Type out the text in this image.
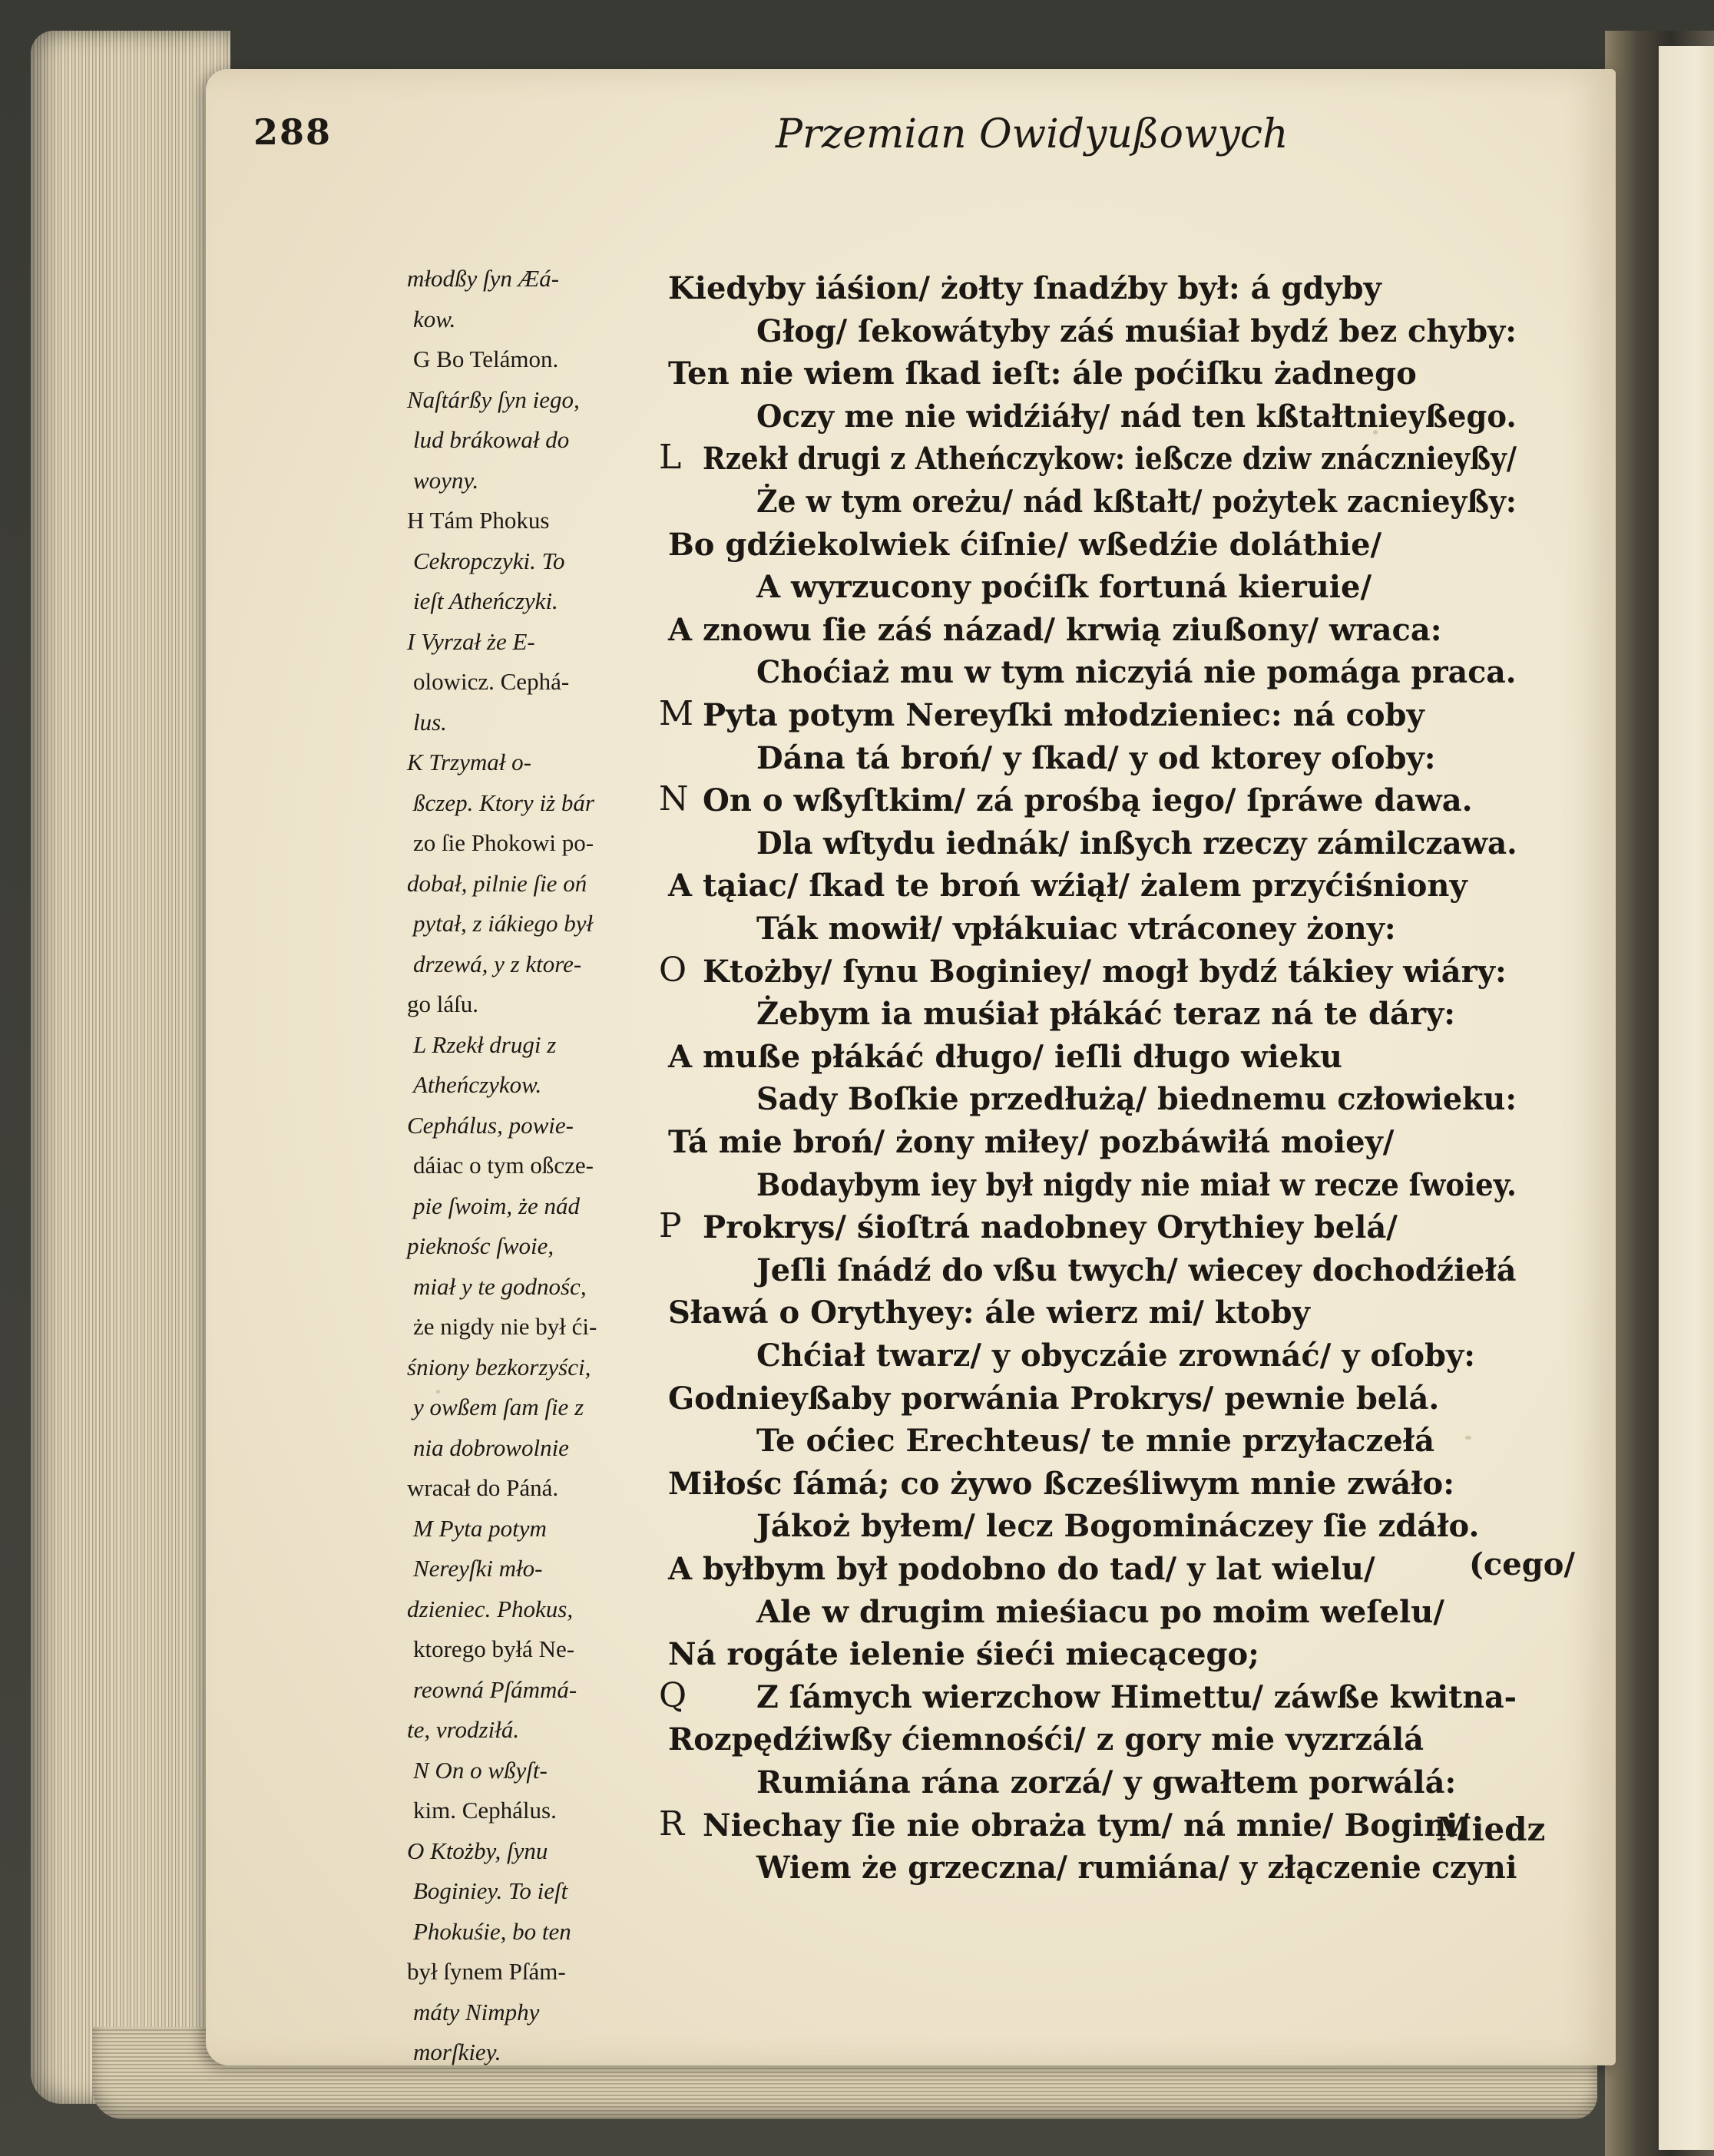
288	Przemian Owidyußowych
młodßy ſyn Æá-
kow.
G Bo Telámon.
Naſtárßy ſyn iego,
lud brákował do
woyny.
H Tám Phokus
Cekropczyki. To
ieſt Atheńczyki.
I Vyrzał że E-
olowicz. Cephá-
lus.
K Trzymał o-
ßczep. Ktory iż bár
zo ſie Phokowi po-
dobał, pilnie ſie oń
pytał, z iákiego był
drzewá, y z ktore-
go láſu.
L Rzekł drugi z
Atheńczykow.
Cephálus, powie-
dáiac o tym oßcze-
pie ſwoim, że nád
pieknośc ſwoie,
miał y te godnośc,
że nigdy nie był ći-
śniony bezkorzyści,
y owßem ſam ſie z
nia dobrowolnie
wracał do Páná.
M Pyta potym
Nereyſki mło-
dzieniec. Phokus,
ktorego byłá Ne-
reowná Pſámmá-
te, vrodziłá.
N On o wßyſt-
kim. Cephálus.
O Ktożby, ſynu
Boginiey. To ieſt
Phokuśie, bo ten
był ſynem Pſám-
máty Nimphy
morſkiey.
Kiedyby iáśion/ żołty ſnadźby był: á gdyby
Głog/ ſekowátyby záś muśiał bydź bez chyby:
Ten nie wiem ſkad ieſt: ále poćiſku żadnego
Oczy me nie widźiáły/ nád ten kßtałtnieyßego.
L Rzekł drugi z Atheńczykow: ießcze dziw znácznieyßy/
Że w tym oreżu/ nád kßtałt/ pożytek zacnieyßy:
Bo gdźiekolwiek ćiſnie/ wßedźie doláthie/
A wyrzucony poćiſk fortuná kieruie/
A znowu ſie záś názad/ krwią ziußony/ wraca:
Choćiaż mu w tym niczyiá nie pomága praca.
M Pyta potym Nereyſki młodzieniec: ná coby
Dána tá broń/ y ſkad/ y od ktorey oſoby:
N On o wßyſtkim/ zá prośbą iego/ ſpráwe dawa.
Dla wſtydu iednák/ inßych rzeczy zámilczawa.
A tąiac/ ſkad te broń wźiął/ żalem przyćiśniony
Ták mowił/ vpłákuiac vtráconey żony:
O Ktożby/ ſynu Boginiey/ mogł bydź tákiey wiáry:
Żebym ia muśiał płákáć teraz ná te dáry:
A muße płákáć długo/ ieſli długo wieku
Sady Boſkie przedłużą/ biednemu człowieku:
Tá mie broń/ żony miłey/ pozbáwiłá moiey/
Bodaybym iey był nigdy nie miał w recze ſwoiey.
P Prokrys/ śioſtrá nadobney Orythiey belá/
Jeſli ſnádź do vßu twych/ wiecey dochodźiełá
Sławá o Orythyey: ále wierz mi/ ktoby
Chćiał twarz/ y obyczáie zrownáć/ y oſoby:
Godnieyßaby porwánia Prokrys/ pewnie belá.
Te oćiec Erechteus/ te mnie przyłaczełá
Miłośc ſámá; co żywo ßcześliwym mnie zwáło:
Jákoż byłem/ lecz Bogomináczey ſie zdáło.
A byłbym był podobno do tad/ y lat wielu/
Ale w drugim mieśiacu po moim weſelu/
Ná rogáte ielenie śieći miecącego;
Q Z ſámych wierzchow Himettu/ záwße kwitna-
Rozpędźiwßy ćiemnośći/ z gory mie vyzrzálá
Rumiána rána zorzá/ y gwałtem porwálá:
R Niechay ſie nie obraża tym/ ná mnie/ Bogini/
Wiem że grzeczna/ rumiána/ y złączenie czyni
(cego/
Miedz
